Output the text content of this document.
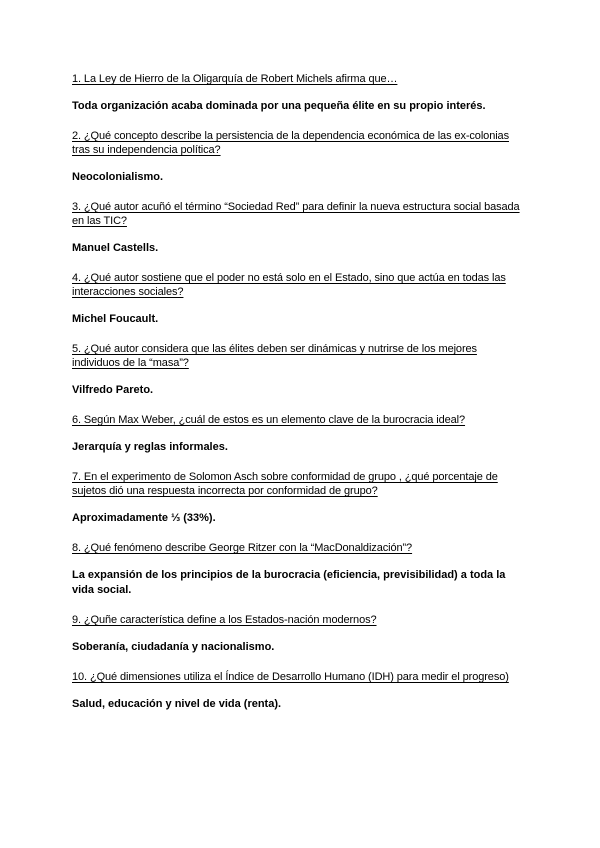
1. La Ley de Hierro de la Oligarquía de Robert Michels afirma que…

Toda organización acaba dominada por una pequeña élite en su propio interés.

2. ¿Qué concepto describe la persistencia de la dependencia económica de las ex-colonias tras su independencia política?

Neocolonialismo.

3. ¿Qué autor acuñó el término “Sociedad Red” para definir la nueva estructura social basada en las TIC?

Manuel Castells.

4. ¿Qué autor sostiene que el poder no está solo en el Estado, sino que actúa en todas las interacciones sociales?

Michel Foucault.

5. ¿Qué autor considera que las élites deben ser dinámicas y nutrirse de los mejores individuos de la “masa”?

Vilfredo Pareto.

6. Según Max Weber, ¿cuál de estos es un elemento clave de la burocracia ideal?

Jerarquía y reglas informales.

7. En el experimento de Solomon Asch sobre conformidad de grupo , ¿qué porcentaje de sujetos dió una respuesta incorrecta por conformidad de grupo?

Aproximadamente ⅓ (33%).

8. ¿Qué fenómeno describe George Ritzer con la “MacDonaldización”?

La expansión de los principios de la burocracia (eficiencia, previsibilidad) a toda la vida social.

9. ¿Quñe característica define a los Estados-nación modernos?

Soberanía, ciudadanía y nacionalismo.

10. ¿Qué dimensiones utiliza el Índice de Desarrollo Humano (IDH) para medir el progreso)

Salud, educación y nivel de vida (renta).
